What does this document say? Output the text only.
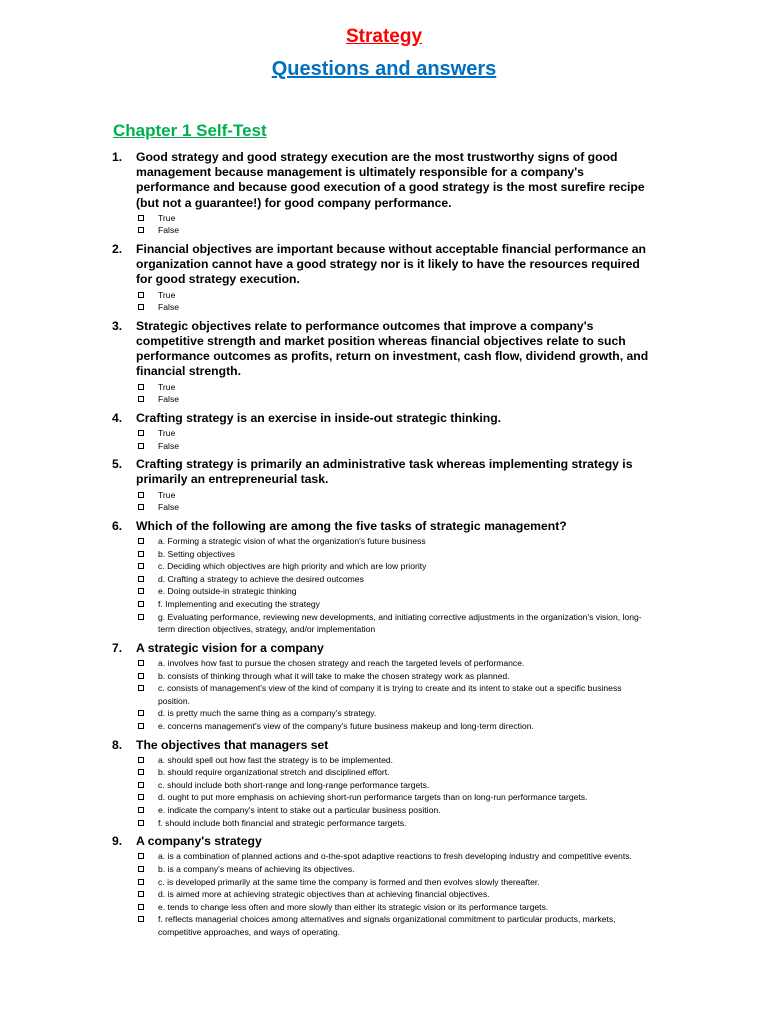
Strategy
Questions and answers
Chapter 1 Self-Test
1. Good strategy and good strategy execution are the most trustworthy signs of good management because management is ultimately responsible for a company's performance and because good execution of a good strategy is the most surefire recipe (but not a guarantee!) for good company performance.
True
False
2. Financial objectives are important because without acceptable financial performance an organization cannot have a good strategy nor is it likely to have the resources required for good strategy execution.
True
False
3. Strategic objectives relate to performance outcomes that improve a company's competitive strength and market position whereas financial objectives relate to such performance outcomes as profits, return on investment, cash flow, dividend growth, and financial strength.
True
False
4. Crafting strategy is an exercise in inside-out strategic thinking.
True
False
5. Crafting strategy is primarily an administrative task whereas implementing strategy is primarily an entrepreneurial task.
True
False
6. Which of the following are among the five tasks of strategic management?
a. Forming a strategic vision of what the organization's future business
b. Setting objectives
c. Deciding which objectives are high priority and which are low priority
d. Crafting a strategy to achieve the desired outcomes
e. Doing outside-in strategic thinking
f. Implementing and executing the strategy
g. Evaluating performance, reviewing new developments, and initiating corrective adjustments in the organization's vision, long-term direction objectives, strategy, and/or implementation
7. A strategic vision for a company
a. involves how fast to pursue the chosen strategy and reach the targeted levels of performance.
b. consists of thinking through what it will take to make the chosen strategy work as planned.
c. consists of management's view of the kind of company it is trying to create and its intent to stake out a specific business position.
d. is pretty much the same thing as a company's strategy.
e. concerns management's view of the company's future business makeup and long-term direction.
8. The objectives that managers set
a. should spell out how fast the strategy is to be implemented.
b. should require organizational stretch and disciplined effort.
c. should include both short-range and long-range performance targets.
d. ought to put more emphasis on achieving short-run performance targets than on long-run performance targets.
e. indicate the company's intent to stake out a particular business position.
f. should include both financial and strategic performance targets.
9. A company's strategy
a. is a combination of planned actions and o-the-spot adaptive reactions to fresh developing industry and competitive events.
b. is a company's means of achieving its objectives.
c. is developed primarily at the same time the company is formed and then evolves slowly thereafter.
d. is aimed more at achieving strategic objectives than at achieving financial objectives.
e. tends to change less often and more slowly than either its strategic vision or its performance targets.
f. reflects managerial choices among alternatives and signals organizational commitment to particular products, markets, competitive approaches, and ways of operating.
